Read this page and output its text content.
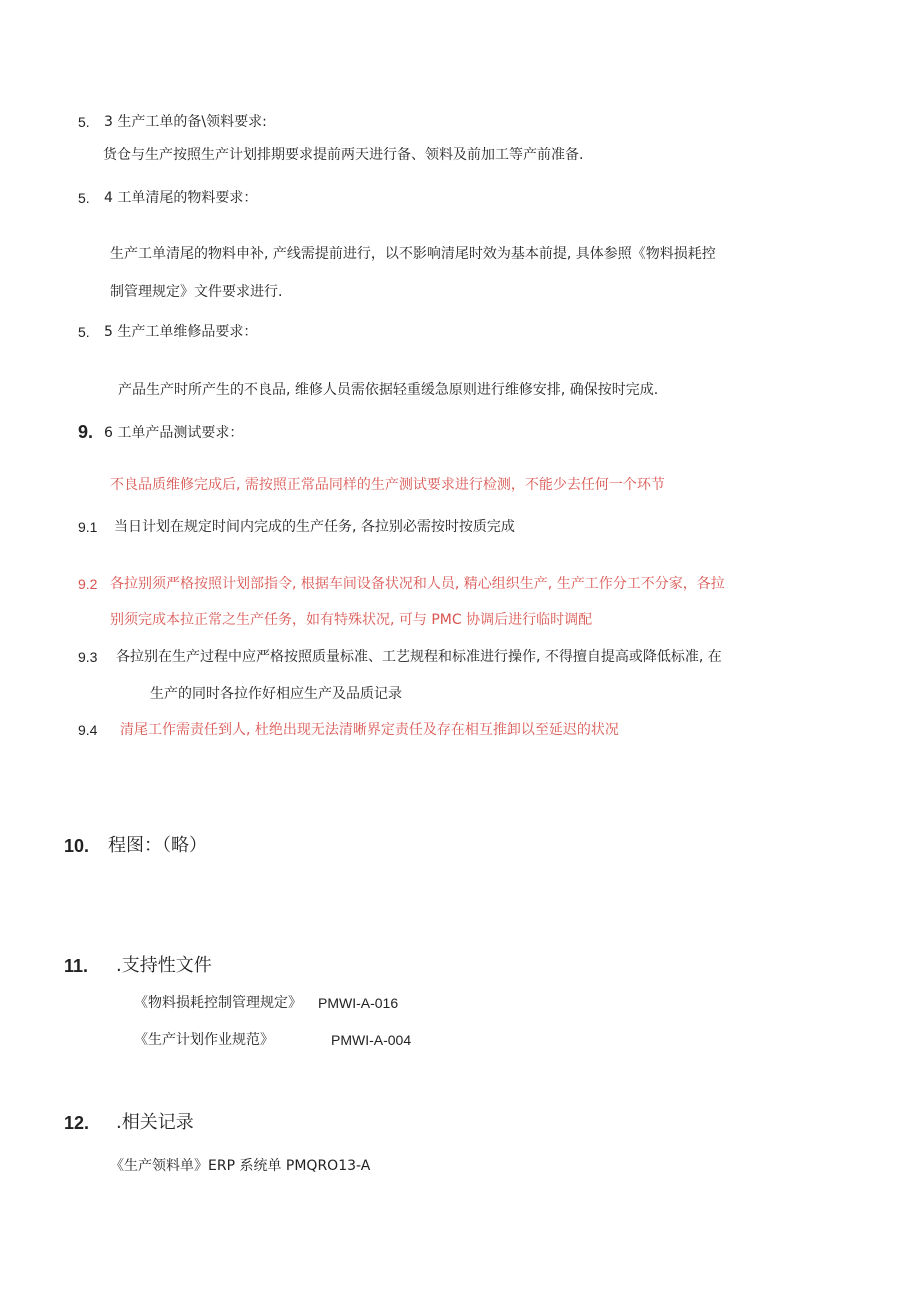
5. 3 生产工单的备\领料要求:
货仓与生产按照生产计划排期要求提前两天进行备、领料及前加工等产前准备.
5. 4 工单清尾的物料要求：
生产工单清尾的物料申补, 产线需提前进行，以不影响清尾时效为基本前提, 具体参照《物料损耗控
制管理规定》文件要求进行.
5. 5 生产工单维修品要求：
产品生产时所产生的不良品, 维修人员需依据轻重缓急原则进行维修安排, 确保按时完成.
9. 6 工单产品测试要求：
不良品质维修完成后, 需按照正常品同样的生产测试要求进行检测，不能少去任何一个环节
9.1 当日计划在规定时间内完成的生产任务, 各拉别必需按时按质完成
9.2 各拉别须严格按照计划部指令, 根据车间设备状况和人员, 精心组织生产, 生产工作分工不分家，各拉
别须完成本拉正常之生产任务，如有特殊状况, 可与 PMC 协调后进行临时调配
9.3 各拉别在生产过程中应严格按照质量标准、工艺规程和标准进行操作, 不得擅自提高或降低标准, 在
生产的同时各拉作好相应生产及品质记录
9.4 清尾工作需责任到人, 杜绝出现无法清晰界定责任及存在相互推卸以至延迟的状况
10. 程图：（略）
11. .支持性文件
《物料损耗控制管理规定》 PMWI-A-016
《生产计划作业规范》	PMWI-A-004
12. .相关记录
《生产领料单》ERP 系统单 PMQRO13-A
